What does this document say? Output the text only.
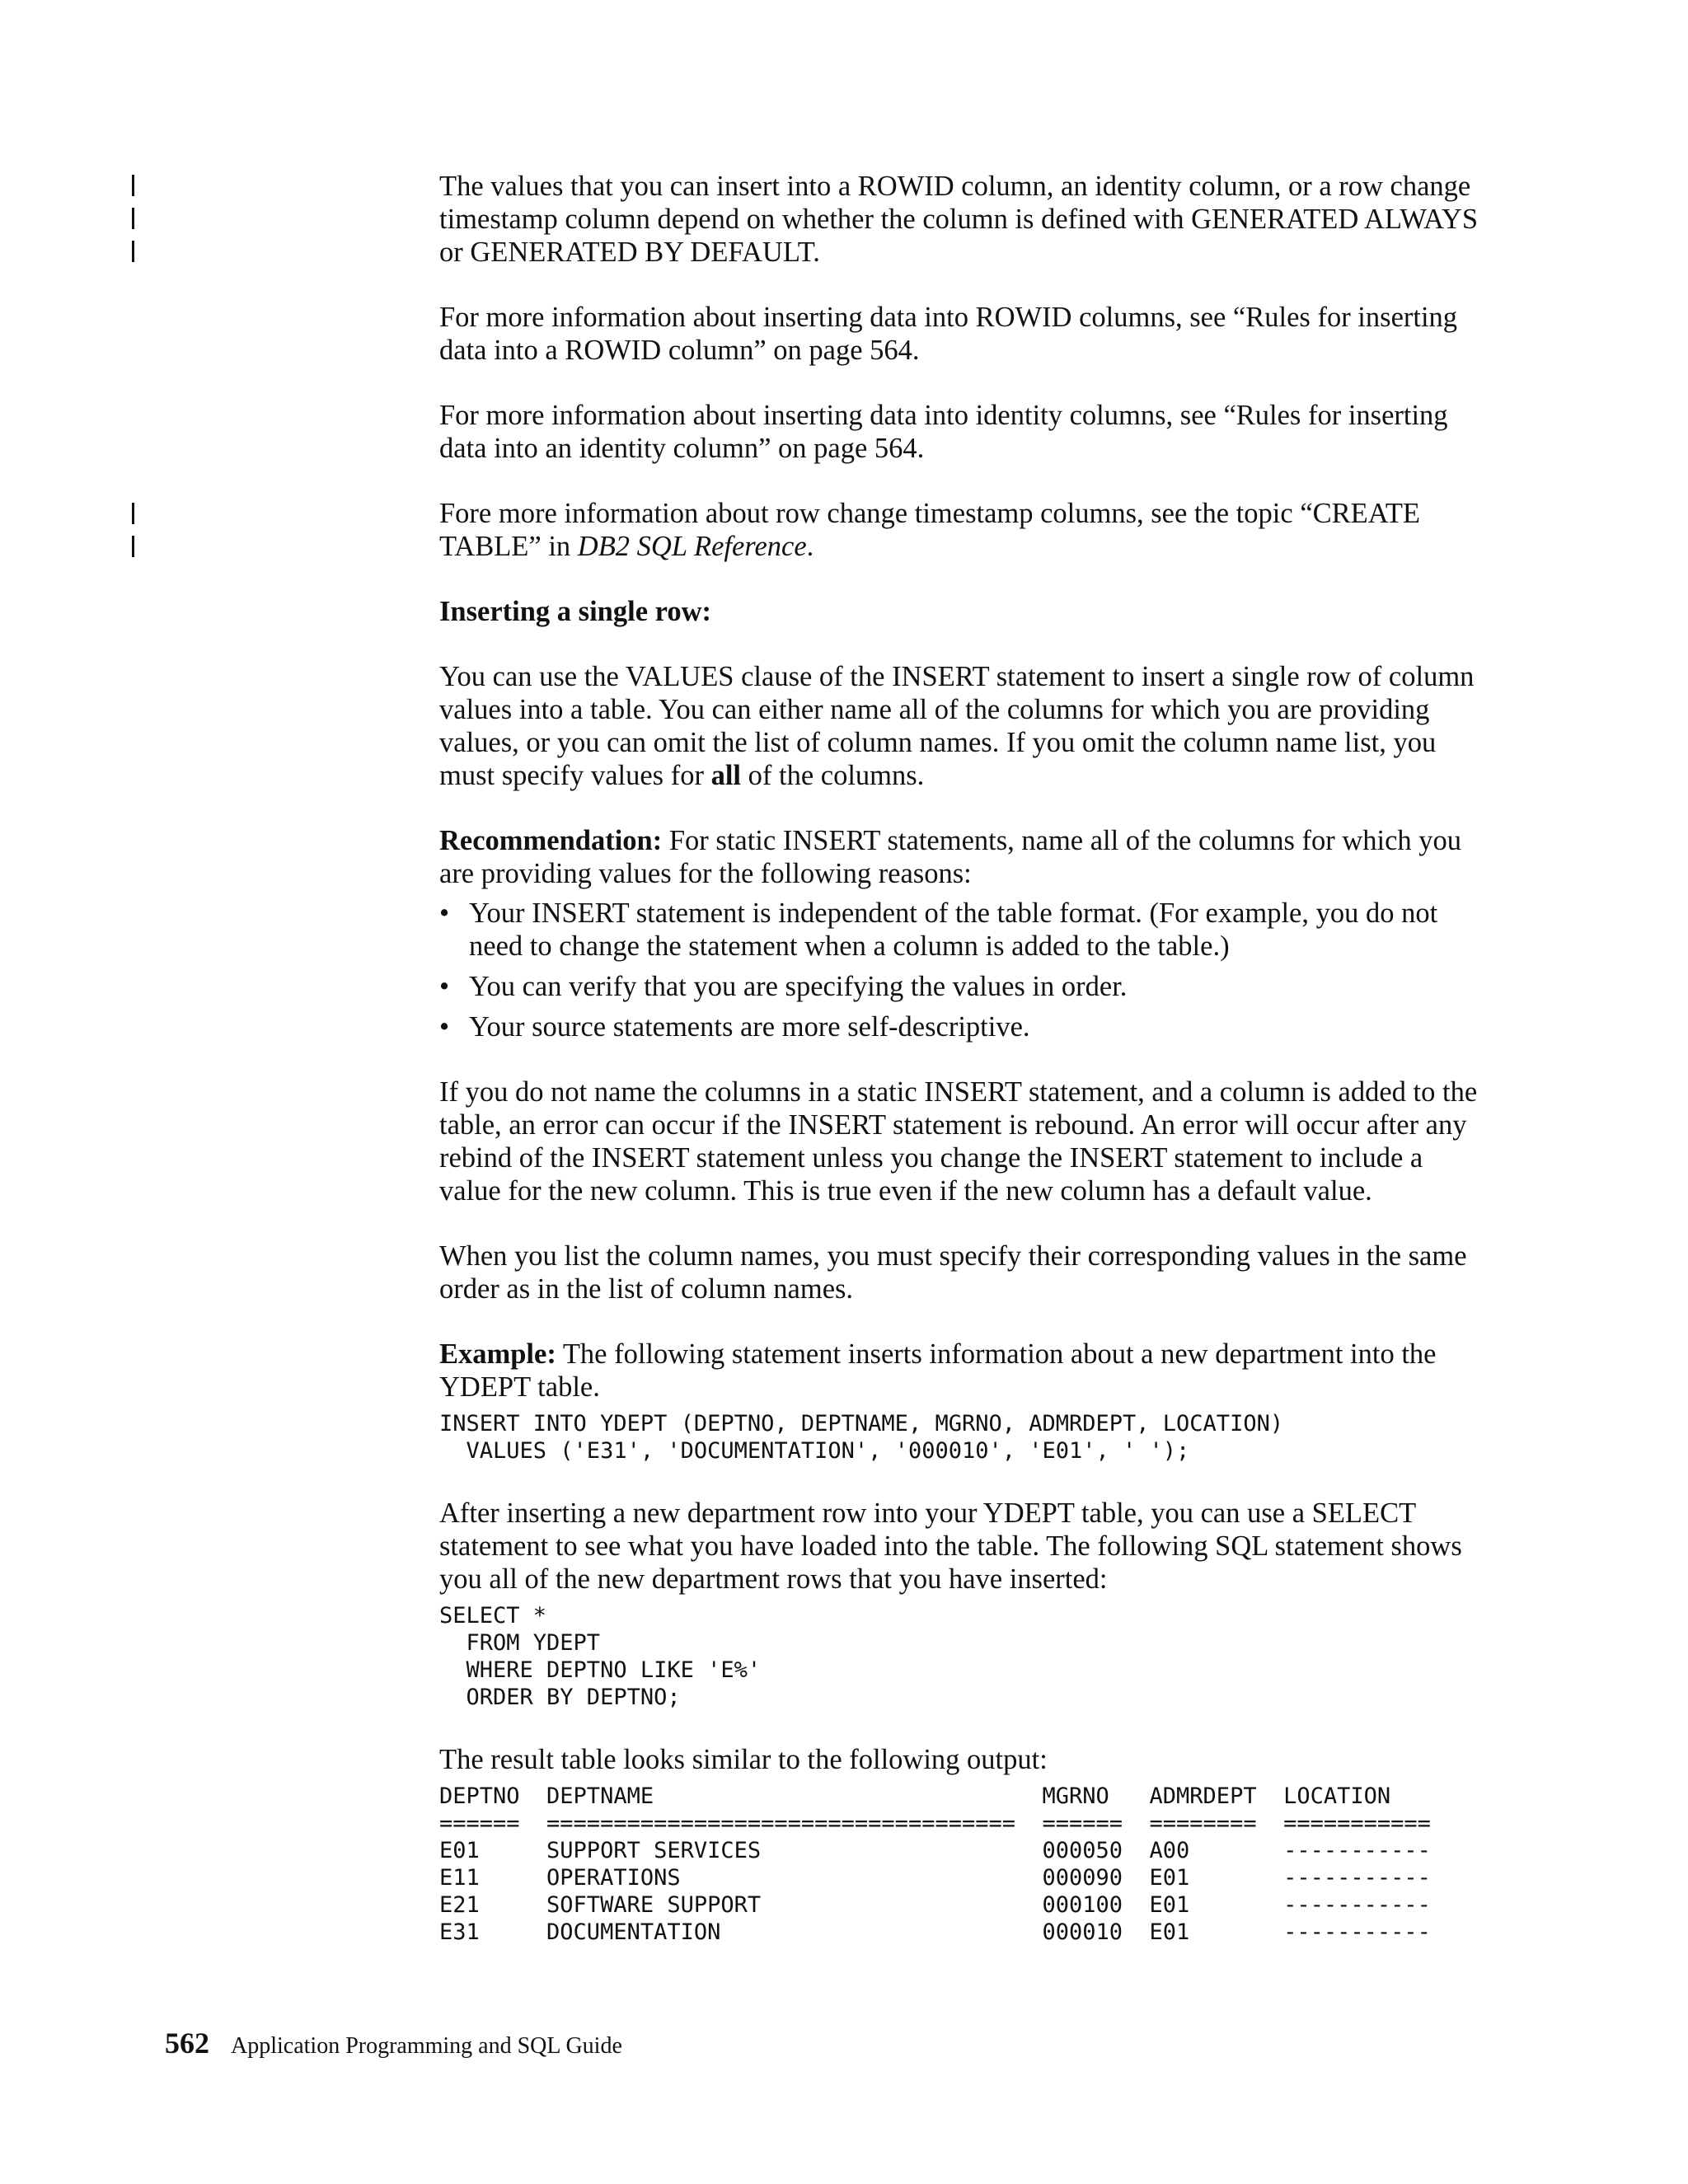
The values that you can insert into a ROWID column, an identity column, or a row change timestamp column depend on whether the column is defined with GENERATED ALWAYS or GENERATED BY DEFAULT.

For more information about inserting data into ROWID columns, see “Rules for inserting data into a ROWID column” on page 564.

For more information about inserting data into identity columns, see “Rules for inserting data into an identity column” on page 564.

Fore more information about row change timestamp columns, see the topic “CREATE TABLE” in DB2 SQL Reference.

Inserting a single row:

You can use the VALUES clause of the INSERT statement to insert a single row of column values into a table. You can either name all of the columns for which you are providing values, or you can omit the list of column names. If you omit the column name list, you must specify values for all of the columns.

Recommendation: For static INSERT statements, name all of the columns for which you are providing values for the following reasons:

• Your INSERT statement is independent of the table format. (For example, you do not need to change the statement when a column is added to the table.)
• You can verify that you are specifying the values in order.
• Your source statements are more self-descriptive.

If you do not name the columns in a static INSERT statement, and a column is added to the table, an error can occur if the INSERT statement is rebound. An error will occur after any rebind of the INSERT statement unless you change the INSERT statement to include a value for the new column. This is true even if the new column has a default value.

When you list the column names, you must specify their corresponding values in the same order as in the list of column names.

Example: The following statement inserts information about a new department into the YDEPT table.

INSERT INTO YDEPT (DEPTNO, DEPTNAME, MGRNO, ADMRDEPT, LOCATION)
VALUES ('E31', 'DOCUMENTATION', '000010', 'E01', ' ');

After inserting a new department row into your YDEPT table, you can use a SELECT statement to see what you have loaded into the table. The following SQL statement shows you all of the new department rows that you have inserted:

SELECT *
FROM YDEPT
WHERE DEPTNO LIKE 'E%'
ORDER BY DEPTNO;

The result table looks similar to the following output:

DEPTNO  DEPTNAME                             MGRNO   ADMRDEPT  LOCATION
======  ===================================  ======  ========  ===========
E01     SUPPORT SERVICES                     000050  A00       -----------
E11     OPERATIONS                           000090  E01       -----------
E21     SOFTWARE SUPPORT                     000100  E01       -----------
E31     DOCUMENTATION                        000010  E01       -----------
562 Application Programming and SQL Guide
